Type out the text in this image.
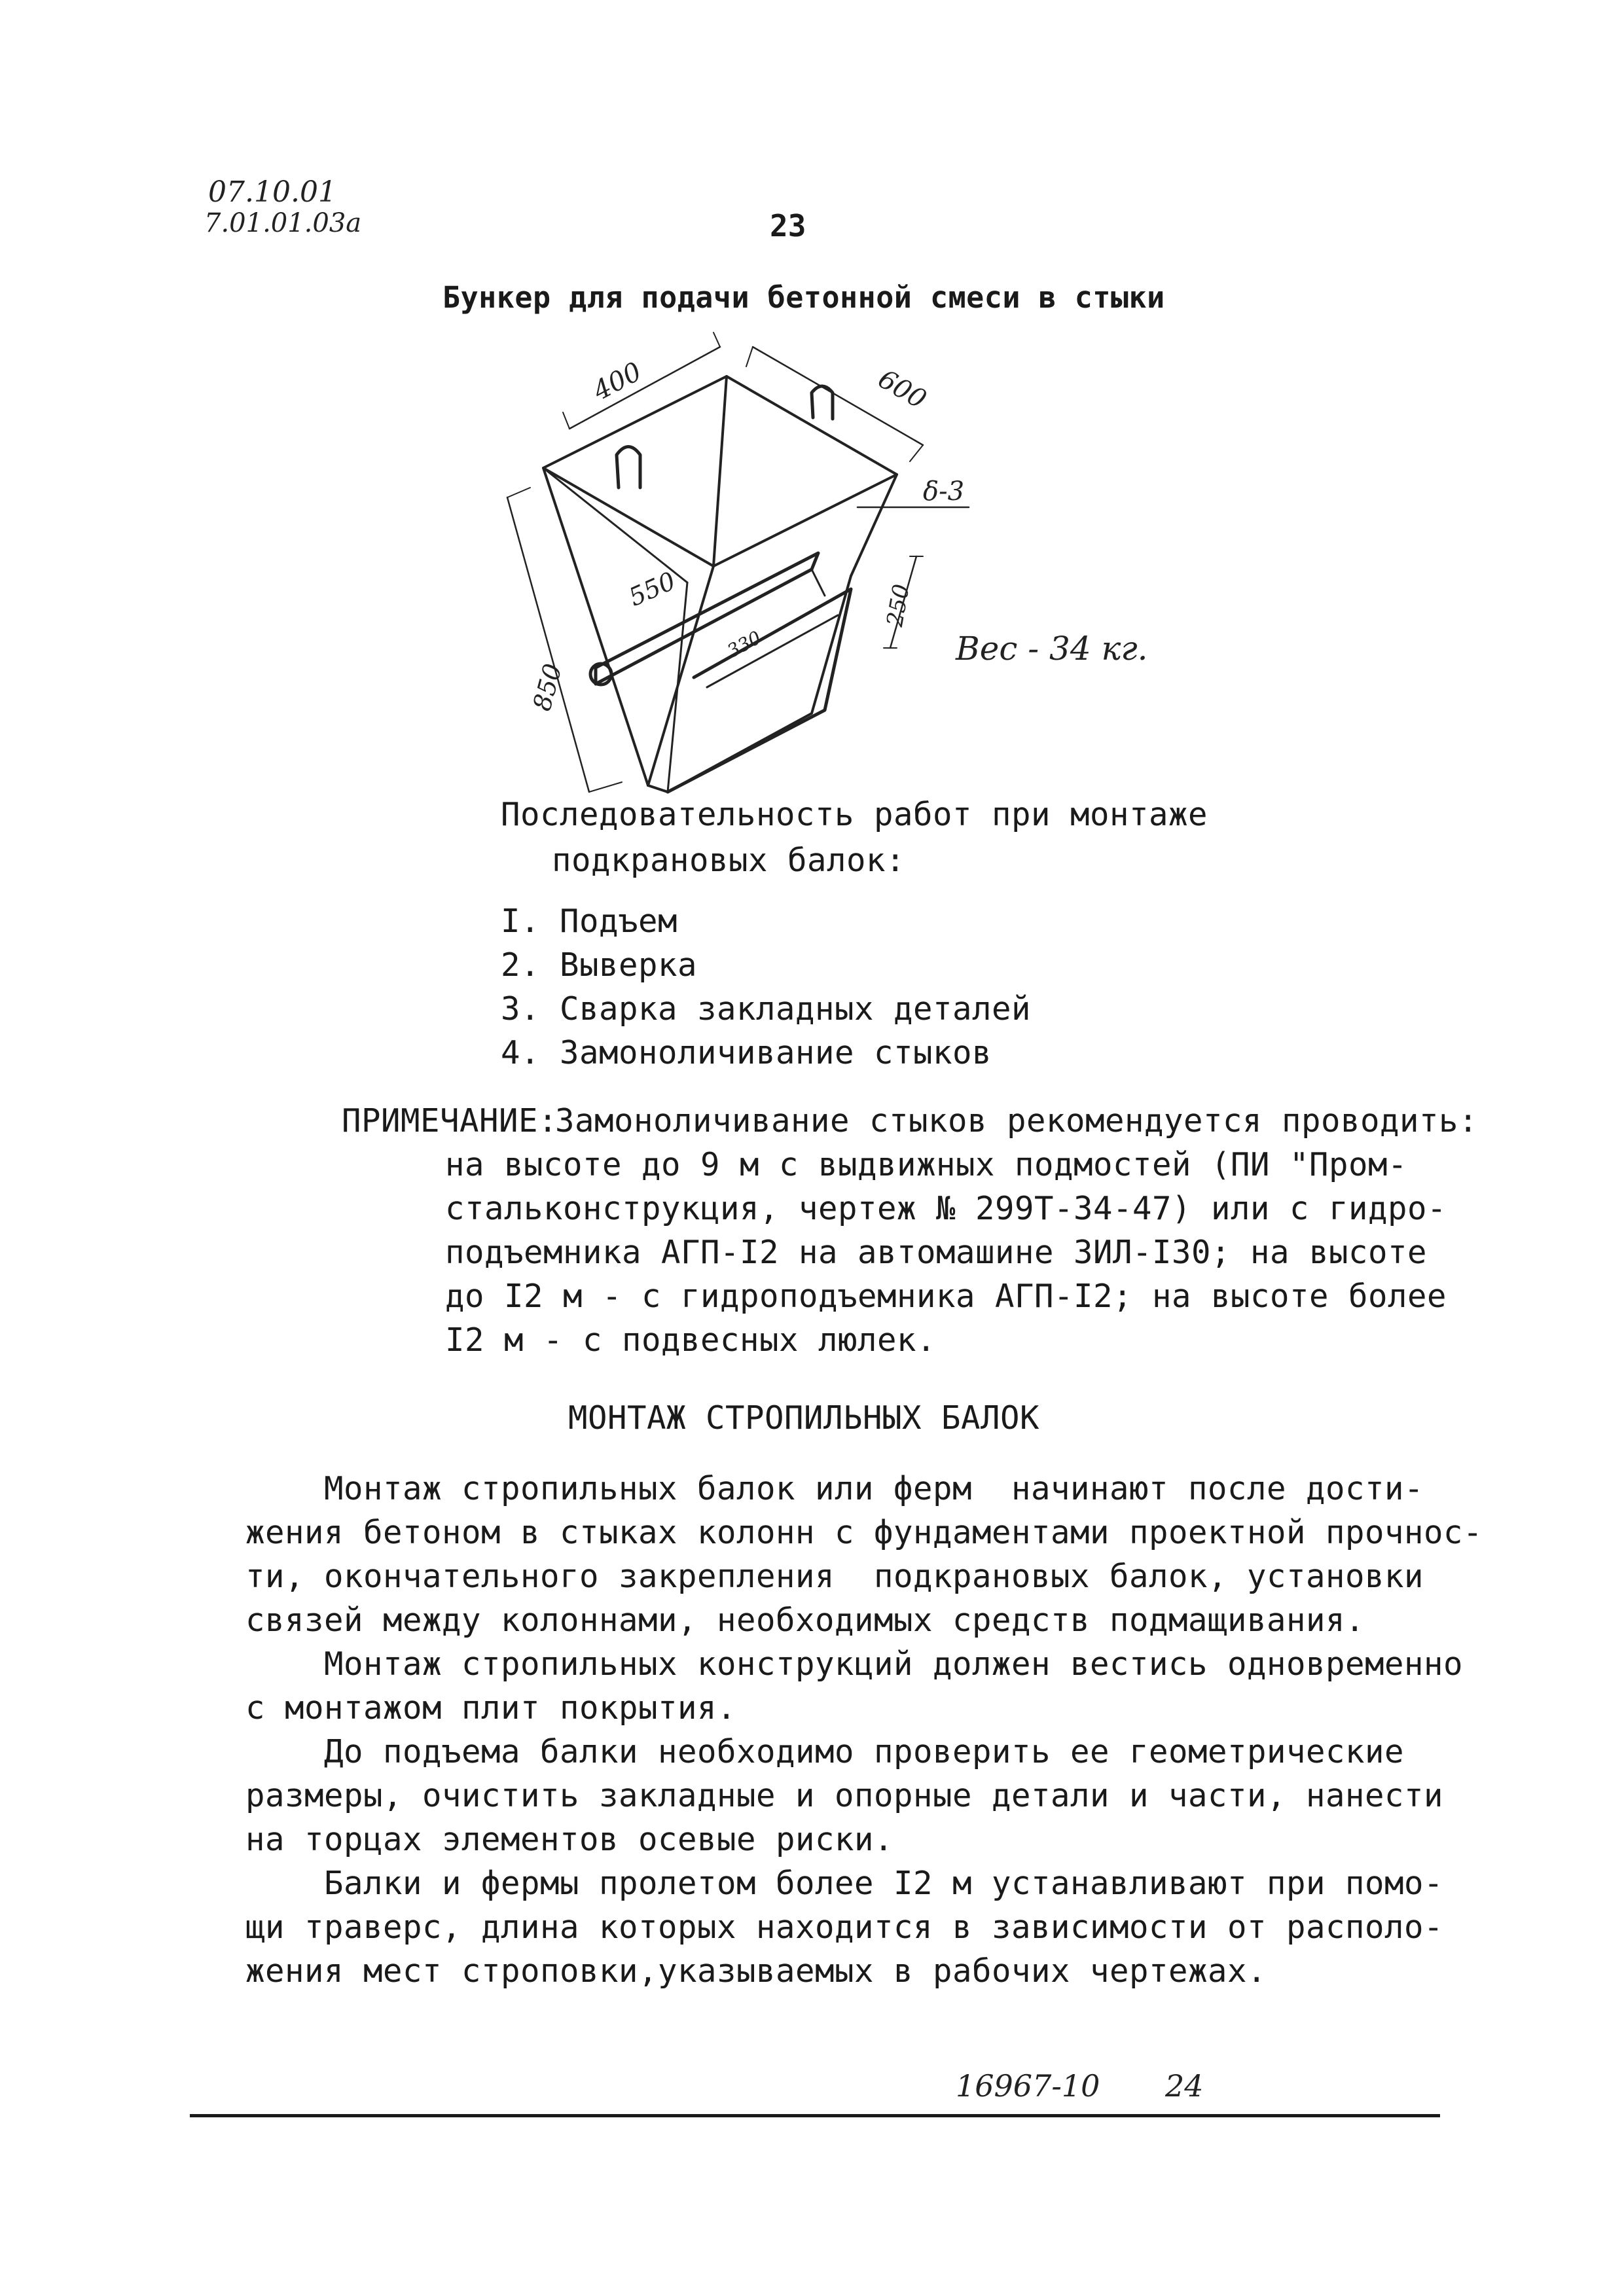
07.10.01
7.01.01.03а	23
Бункер для подачи бетонной смеси в стыки
400	600
δ-3
550	250
330
850
Вес - 34 кг.
Последовательность работ при монтаже
подкрановых балок:
I. Подъем
2. Выверка
3. Сварка закладных деталей
4. Замоноличивание стыков
ПРИМЕЧАНИЕ:
Замоноличивание стыков рекомендуется проводить:
на высоте до 9 м с выдвижных подмостей (ПИ "Пром-
стальконструкция, чертеж № 299Т-34-47) или с гидро-
подъемника АГП-I2 на автомашине ЗИЛ-I30; на высоте
до I2 м - с гидроподъемника АГП-I2; на высоте более
I2 м - с подвесных люлек.
МОНТАЖ СТРОПИЛЬНЫХ БАЛОК
Монтаж стропильных балок или ферм  начинают после дости-
жения бетоном в стыках колонн с фундаментами проектной прочнос-
ти, окончательного закрепления  подкрановых балок, установки
связей между колоннами, необходимых средств подмащивания.
Монтаж стропильных конструкций должен вестись одновременно
с монтажом плит покрытия.
До подъема балки необходимо проверить ее геометрические
размеры, очистить закладные и опорные детали и части, нанести
на торцах элементов осевые риски.
Балки и фермы пролетом более I2 м устанавливают при помо-
щи траверс, длина которых находится в зависимости от располо-
жения мест строповки,указываемых в рабочих чертежах.
16967-10 24
